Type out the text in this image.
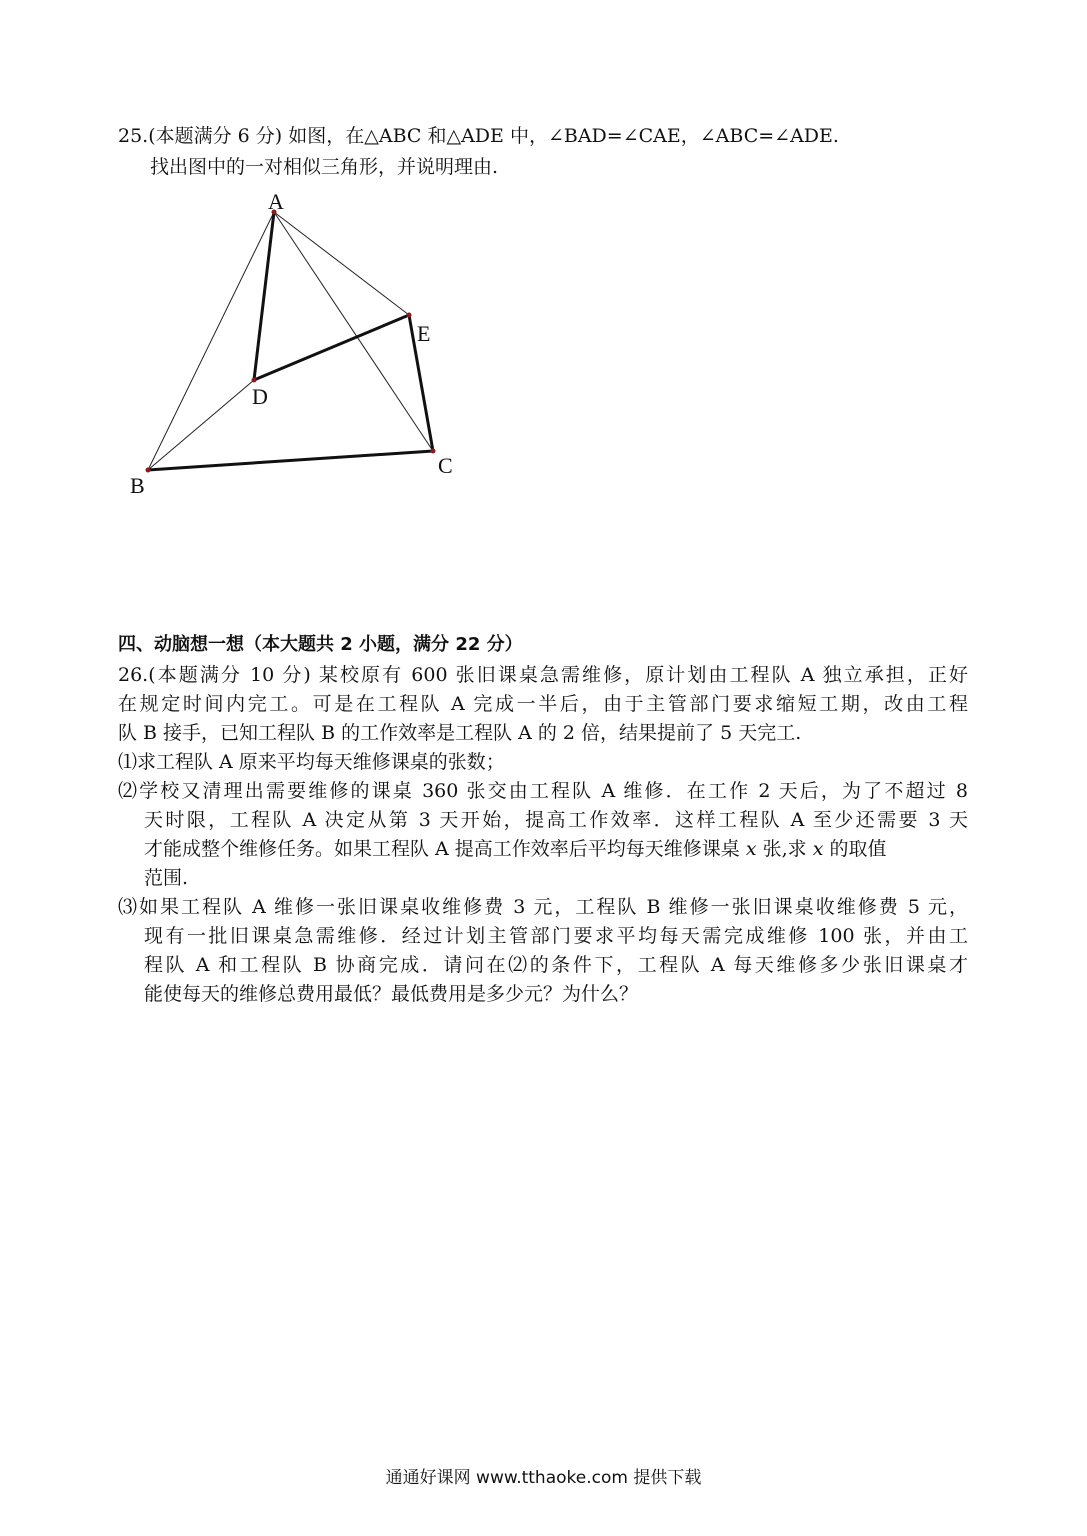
25.(本题满分 6 分) 如图，在△ABC 和△ADE 中，∠BAD=∠CAE，∠ABC=∠ADE.
找出图中的一对相似三角形，并说明理由.
A
B
C
D
E
四、动脑想一想（本大题共 2 小题，满分 22 分）
26.(本题满分 10 分) 某校原有 600 张旧课桌急需维修，原计划由工程队 A 独立承担，正好
在规定时间内完工。可是在工程队 A 完成一半后，由于主管部门要求缩短工期，改由工程
队 B 接手，已知工程队 B 的工作效率是工程队 A 的 2 倍，结果提前了 5 天完工.
⑴求工程队 A 原来平均每天维修课桌的张数；
⑵学校又清理出需要维修的课桌 360 张交由工程队 A 维修．在工作 2 天后，为了不超过 8
天时限，工程队 A 决定从第 3 天开始，提高工作效率．这样工程队 A 至少还需要 3 天
才能成整个维修任务。如果工程队 A 提高工作效率后平均每天维修课桌 x 张,求 x 的取值
范围.
⑶如果工程队 A 维修一张旧课桌收维修费 3 元，工程队 B 维修一张旧课桌收维修费 5 元，
现有一批旧课桌急需维修．经过计划主管部门要求平均每天需完成维修 100 张，并由工
程队 A 和工程队 B 协商完成．请问在⑵的条件下，工程队 A 每天维修多少张旧课桌才
能使每天的维修总费用最低？最低费用是多少元？为什么？
通通好课网 www.tthaoke.com 提供下载
